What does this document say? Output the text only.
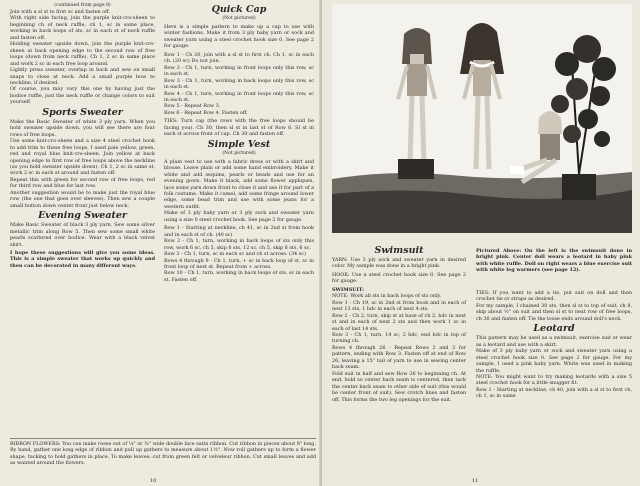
(continued from page 8)

Join with a sl st to first sc and fasten off.

With right side facing, join the purple knit-cro-sheen to beginning ch of neck ruffle, ch 1, sc in same place, working in back loops of sts, sc in each st of neck ruffle and fasten off.

Holding sweater upside down, join the purple knit-cro-sheen at back opening edge to the second row of free loops (down from neck ruffle). Ch 1, 2 sc in same place and work 2 sc in each free loop around.

Lightly press sweater, overlap in back and sew on small snaps to close at neck. Add a small purple bow to neckline, if desired.

Of course, you may vary this one by having just the bodice ruffle, just the neck ruffle or change colors to suit yourself.

Sports Sweater

Make the Basic Sweater of white 3 ply yarn. When you hold sweater upside down, you will see there are four rows of free loops.

Use some knit-cro-sheen and a size 4 steel crochet hook to add trim to these free loops. I used pale yellow, green, red and royal blue knit-cro-sheen. Join yellow at back opening edge to first row of free loops above the neckline (as you hold sweater upside down). Ch 1, 2 sc in same st, work 2 sc in each st around and fasten off.

Repeat this with green for second row of free loops, red for third row and blue for last row.

Another suggestion would be to make just the royal blue row (the one that goes over sleeves). Then sew a couple small button down center front just below neck.

Evening Sweater

Make Basic Sweater of black 3 ply yarn. Sew some silver metallic trim along Row 5. Then sew some small white pearls scattered over bodice. Wear with a black velvet skirt.

I hope these suggestions will give you some ideas. This is a simple sweater that works up quickly and then can be decorated in many different ways.

Quick Cap

(Not pictured)

Here is a simple pattern to make up a cap to use with winter fashions. Make it from 3 ply baby yarn or sock and sweater yarn using a steel crochet hook size 0. See page 2 for gauge.

Row 1 - Ch 20, join with a sl st to first ch. Ch 1, sc in each ch. (20 sc) Do not join.

Row 2 - Ch 1, turn, working in front loops only this row, sc in each st.

Row 3 - Ch 1, turn, working in back loops only this row, sc in each st.

Row 4 - Ch 1, turn, working in front loops only this row, sc in each st.

Row 5 - Repeat Row 3.

Row 6 - Repeat Row 4. Fasten off.

TIES: Turn cap (the rows with the free loops should be facing you). Ch 30, then sl st in last st of Row 6. Sl st in each st across front of cap. Ch 30 and fasten off.

Simple Vest

(Not pictured)

A plain vest to use with a fabric dress or with a skirt and blouse. Leave plain or add some hand embroidery. Make it white and add sequins, pearls or beads and use for an evening gown. Make it black, add some flower appliques, lace some yarn down front to close it and use it for part of a folk costume. Make it camel, add some fringe around lower edge, some bead trim and use with some jeans for a western outfit.

Make of 3 ply baby yarn or 3 ply sock and sweater yarn using a size 0 steel crochet hook. See page 2 for gauge.

Row 1 - Starting at neckline, ch 41, sc in 2nd st from hook and in each st of ch. (40 sc)

Row 2 - Ch 1, turn, working in back loops of sts only this row, work 6 sc, ch 5, skip 8 sts, 12 sc, ch 5, skip 8 sts, 6 sc.

Row 3 - Ch 1, turn, sc in each sc and ch st across. (34 sc)

Rows 4 through 9 - Ch 1, turn, + sc in back loop of st, sc in front loop of next st. Repeat from + across.

Row 10 - Ch 1, turn, working in back loops of sts, sc in each st. Fasten off.

RIBBON FLOWERS: You can make roses out of ¼" or ⅜" wide double face satin ribbon. Cut ribbon in pieces about 8" long. By hand, gather one long edge of ribbon and pull up gathers to measure about 1½". Now roll gathers up to form a flower shape, tacking to hold gathers in place. To make leaves: cut from green felt or velveleur ribbon. Cut small leaves and add as wanted around the flowers.
10	11

Pictured Above: On the left is the swimsuit done in bright pink. Center doll wears a leotard in baby pink with white ruffle. Doll on right wears a blue exercise suit with white leg warmers (see page 12).

Swimsuit

YARN: Use 3 ply sock and sweater yarn in desired color. My sample was done in a bright pink.

HOOK: Use a steel crochet hook size 0. See page 2 for gauge.

SWIMSUIT:

NOTE: Work all sts in back loops of sts only.

Row 1 - Ch 19, sc in 2nd st from hook and in each of next 13 sts, 1 hdc in each of next 4 sts.

Row 2 - Ch 2, turn, skip st at base of ch 2, hdc in next st and in each of next 2 sts and then work 1 sc in each of last 14 sts.

Row 3 - Ch 1, turn, 14 sc, 2 hdc, end hdc in top of turning ch.

Rows 4 through 26 - Repeat Rows 2 and 3 for pattern, ending with Row 3. Fasten off at end of Row 26, leaving a 15" tail of yarn to use in sewing center back seam.

Fold suit in half and sew Row 26 to beginning ch. At end, hold so center back seam is centered, then tack the center back seam to other side of suit (this would be center front of suit). Sew crotch lines and fasten off. This forms the two leg openings for the suit.

TIES: If you want to add a tie, put suit on doll and then crochet tie or straps as desired.

For my sample, I chained 30 sts, then sl st to top of suit, ch 8, skip about ½" on suit and then sl st to next row of free loops, ch 30 and fasten off. Tie the loose ends around doll's neck.

Leotard

This pattern may be used as a swimsuit, exercise suit or wear as a leotard and use with a skirt.

Make of 3 ply baby yarn or sock and sweater yarn using a steel crochet hook size 0. See page 2 for gauge. For my sample, I used a pink baby yarn. White was used in making the ruffle.

NOTE: You might want to try making leotards with a size 5 steel crochet hook for a little snugger fit.

Row 1 - Starting at neckline, ch 40, join with a sl st to first ch, ch 1, sc in same
